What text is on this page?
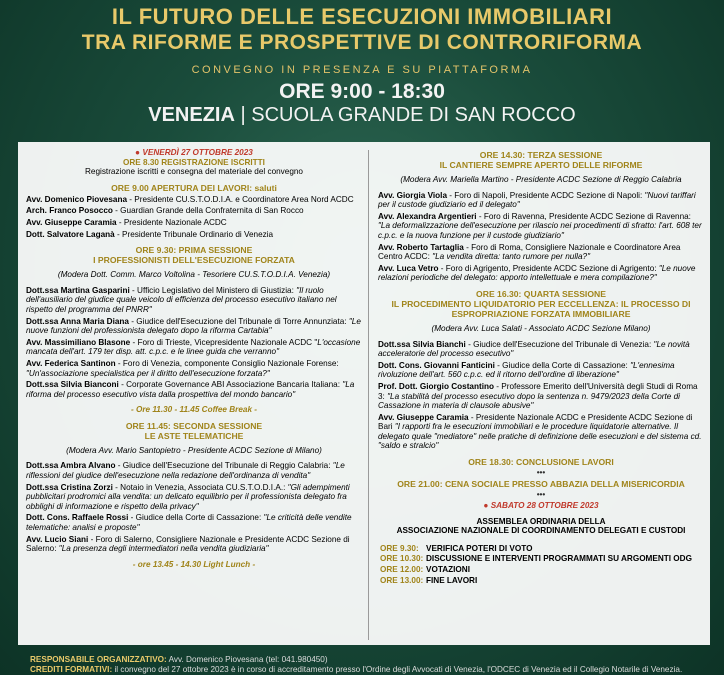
IL FUTURO DELLE ESECUZIONI IMMOBILIARI
TRA RIFORME E PROSPETTIVE DI CONTRORIFORMA
CONVEGNO IN PRESENZA E SU PIATTAFORMA
ORE 9:00 - 18:30
VENEZIA | SCUOLA GRANDE DI SAN ROCCO
● VENERDÌ 27 OTTOBRE 2023
ORE 8.30 REGISTRAZIONE ISCRITTI
Registrazione iscritti e consegna del materiale del convegno
ORE 9.00 APERTURA DEI LAVORI: saluti
Avv. Domenico Piovesana - Presidente CU.S.T.O.D.I.A. e Coordinatore Area Nord ACDC
Arch. Franco Posocco - Guardian Grande della Confraternita di San Rocco
Avv. Giuseppe Caramia - Presidente Nazionale ACDC
Dott. Salvatore Laganà - Presidente Tribunale Ordinario di Venezia
ORE 9.30: PRIMA SESSIONE
I PROFESSIONISTI DELL'ESECUZIONE FORZATA
(Modera Dott. Comm. Marco Voltolina - Tesoriere CU.S.T.O.D.I.A. Venezia)
Dott.ssa Martina Gasparini - Ufficio Legislativo del Ministero di Giustizia: "Il ruolo dell'ausiliario del giudice quale veicolo di efficienza del processo esecutivo italiano nel rispetto del programma del PNRR"
Dott.ssa Anna Maria Diana - Giudice dell'Esecuzione del Tribunale di Torre Annunziata: "Le nuove funzioni del professionista delegato dopo la riforma Cartabia"
Avv. Massimiliano Blasone - Foro di Trieste, Vicepresidente Nazionale ACDC "L'occasione mancata dell'art. 179 ter disp. att. c.p.c. e le linee guida che verranno"
Avv. Federica Santinon - Foro di Venezia, componente Consiglio Nazionale Forense: "Un'associazione specialistica per il diritto dell'esecuzione forzata?"
Dott.ssa Silvia Bianconi - Corporate Governance ABI Associazione Bancaria Italiana: "La riforma del processo esecutivo vista dalla prospettiva del mondo bancario"
- Ore 11.30 - 11.45 Coffee Break -
ORE 11.45: SECONDA SESSIONE
LE ASTE TELEMATICHE
(Modera Avv. Mario Santopietro - Presidente ACDC Sezione di Milano)
Dott.ssa Ambra Alvano - Giudice dell'Esecuzione del Tribunale di Reggio Calabria: "Le riflessioni del giudice dell'esecuzione nella redazione dell'ordinanza di vendita"
Dott.ssa Cristina Zorzi - Notaio in Venezia, Associata CU.S.T.O.D.I.A.: "Gli adempimenti pubblicitari prodromici alla vendita: un delicato equilibrio per il professionista delegato fra obblighi di informazione e rispetto della privacy"
Dott. Cons. Raffaele Rossi - Giudice della Corte di Cassazione: "Le criticità delle vendite telematiche: analisi e proposte"
Avv. Lucio Siani - Foro di Salerno, Consigliere Nazionale e Presidente ACDC Sezione di Salerno: "La presenza degli intermediatori nella vendita giudiziaria"
- ore 13.45 - 14.30 Light Lunch -
ORE 14.30: TERZA SESSIONE
IL CANTIERE SEMPRE APERTO DELLE RIFORME
(Modera Avv. Mariella Martino - Presidente ACDC Sezione di Reggio Calabria
Avv. Giorgia Viola - Foro di Napoli, Presidente ACDC Sezione di Napoli: "Nuovi tariffari per il custode giudiziario ed il delegato"
Avv. Alexandra Argentieri - Foro di Ravenna, Presidente ACDC Sezione di Ravenna: "La deformalizzazione dell'esecuzione per rilascio nei procedimenti di sfratto: l'art. 608 ter c.p.c. e la nuova funzione per il custode giudiziario"
Avv. Roberto Tartaglia - Foro di Roma, Consigliere Nazionale e Coordinatore Area Centro ACDC: "La vendita diretta: tanto rumore per nulla?"
Avv. Luca Vetro - Foro di Agrigento, Presidente ACDC Sezione di Agrigento: "Le nuove relazioni periodiche del delegato: apporto intellettuale e mera compilazione?"
ORE 16.30: QUARTA SESSIONE
IL PROCEDIMENTO LIQUIDATORIO PER ECCELLENZA: IL PROCESSO DI
ESPROPRIAZIONE FORZATA IMMOBILIARE
(Modera Avv. Luca Salati - Associato ACDC Sezione Milano)
Dott.ssa Silvia Bianchi - Giudice dell'Esecuzione del Tribunale di Venezia: "Le novità acceleratorie del processo esecutivo"
Dott. Cons. Giovanni Fanticini - Giudice della Corte di Cassazione: "L'ennesima rivoluzione dell'art. 560 c.p.c. ed il ritorno dell'ordine di liberazione"
Prof. Dott. Giorgio Costantino - Professore Emerito dell'Università degli Studi di Roma 3: "La stabilità del processo esecutivo dopo la sentenza n. 9479/2023 della Corte di Cassazione in materia di clausole abusive"
Avv. Giuseppe Caramia - Presidente Nazionale ACDC e Presidente ACDC Sezione di Bari "I rapporti fra le esecuzioni immobiliari e le procedure liquidatorie alternative. Il delegato quale "mediatore" nelle pratiche di definizione delle esecuzioni e del sistema cd. "saldo e stralcio"
ORE 18.30: CONCLUSIONE LAVORI
•••
ORE 21.00: CENA SOCIALE PRESSO ABBAZIA DELLA MISERICORDIA
•••
● SABATO 28 OTTOBRE 2023
ASSEMBLEA ORDINARIA DELLA
ASSOCIAZIONE NAZIONALE DI COORDINAMENTO DELEGATI E CUSTODI
ORE 9.30: VERIFICA POTERI DI VOTO
ORE 10.30: DISCUSSIONE E INTERVENTI PROGRAMMATI SU ARGOMENTI ODG
ORE 12.00: VOTAZIONI
ORE 13.00: FINE LAVORI
RESPONSABILE ORGANIZZATIVO: Avv. Domenico Piovesana (tel: 041.980450)
CREDITI FORMATIVI: il convegno del 27 ottobre 2023 è in corso di accreditamento presso l'Ordine degli Avvocati di Venezia, l'ODCEC di Venezia ed il Collegio Notarile di Venezia.
